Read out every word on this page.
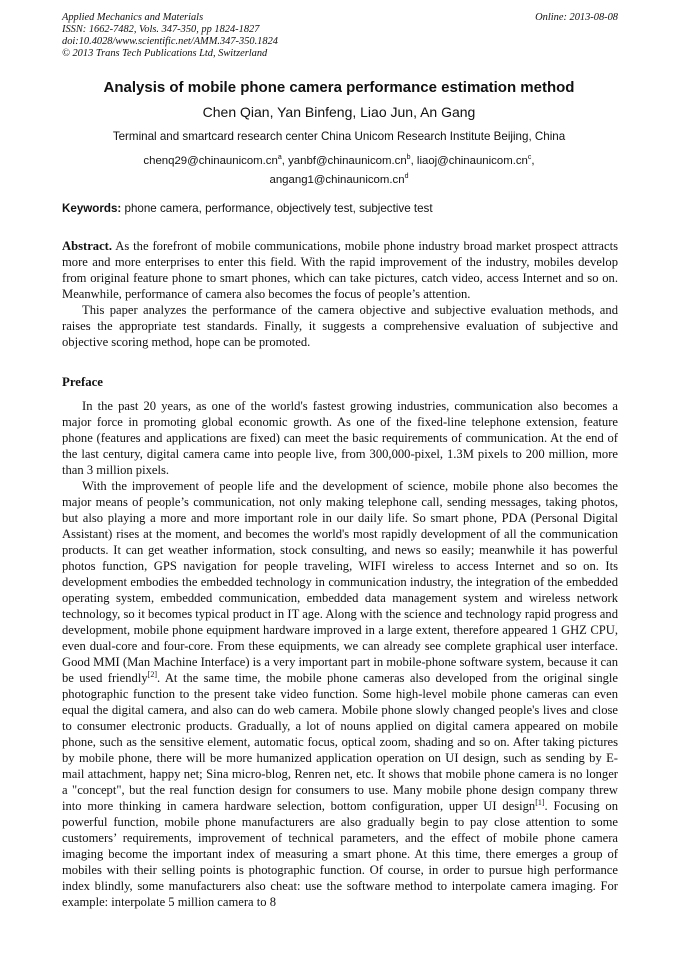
Applied Mechanics and Materials
ISSN: 1662-7482, Vols. 347-350, pp 1824-1827
doi:10.4028/www.scientific.net/AMM.347-350.1824
© 2013 Trans Tech Publications Ltd, Switzerland
Online: 2013-08-08
Analysis of mobile phone camera performance estimation method
Chen Qian, Yan Binfeng, Liao Jun, An Gang
Terminal and smartcard research center China Unicom Research Institute Beijing, China
$chenq29@chinaunicom.cn^a$, $yanbf@chinaunicom.cn^b$, $liaoj@chinaunicom.cn^c$,
$angang1@chinaunicom.cn^d$
Keywords: phone camera, performance, objectively test, subjective test

Abstract. As the forefront of mobile communications, mobile phone industry broad market prospect attracts more and more enterprises to enter this field. With the rapid improvement of the industry, mobiles develop from original feature phone to smart phones, which can take pictures, catch video, access Internet and so on. Meanwhile, performance of camera also becomes the focus of people’s attention.

This paper analyzes the performance of the camera objective and subjective evaluation methods, and raises the appropriate test standards. Finally, it suggests a comprehensive evaluation of subjective and objective scoring method, hope can be promoted.

Preface

In the past 20 years, as one of the world's fastest growing industries, communication also becomes a major force in promoting global economic growth. As one of the fixed-line telephone extension, feature phone (features and applications are fixed) can meet the basic requirements of communication. At the end of the last century, digital camera came into people live, from 300,000-pixel, 1.3M pixels to 200 million, more than 3 million pixels.

With the improvement of people life and the development of science, mobile phone also becomes the major means of people’s communication, not only making telephone call, sending messages, taking photos, but also playing a more and more important role in our daily life. So smart phone, PDA (Personal Digital Assistant) rises at the moment, and becomes the world's most rapidly development of all the communication products. It can get weather information, stock consulting, and news so easily; meanwhile it has powerful photos function, GPS navigation for people traveling, WIFI wireless to access Internet and so on. Its development embodies the embedded technology in communication industry, the integration of the embedded operating system, embedded communication, embedded data management system and wireless network technology, so it becomes typical product in IT age. Along with the science and technology rapid progress and development, mobile phone equipment hardware improved in a large extent, therefore appeared 1 GHZ CPU, even dual-core and four-core. From these equipments, we can already see complete graphical user interface. Good MMI (Man Machine Interface) is a very important part in mobile-phone software system, because it can be used friendly[2]. At the same time, the mobile phone cameras also developed from the original single photographic function to the present take video function. Some high-level mobile phone cameras can even equal the digital camera, and also can do web camera. Mobile phone slowly changed people's lives and close to consumer electronic products. Gradually, a lot of nouns applied on digital camera appeared on mobile phone, such as the sensitive element, automatic focus, optical zoom, shading and so on. After taking pictures by mobile phone, there will be more humanized application operation on UI design, such as sending by E-mail attachment, happy net; Sina micro-blog, Renren net, etc. It shows that mobile phone camera is no longer a "concept", but the real function design for consumers to use. Many mobile phone design company threw into more thinking in camera hardware selection, bottom configuration, upper UI design[1]. Focusing on powerful function, mobile phone manufacturers are also gradually begin to pay close attention to some customers’ requirements, improvement of technical parameters, and the effect of mobile phone camera imaging become the important index of measuring a smart phone. At this time, there emerges a group of mobiles with their selling points is photographic function. Of course, in order to pursue high performance index blindly, some manufacturers also cheat: use the software method to interpolate camera imaging. For example: interpolate 5 million camera to 8
